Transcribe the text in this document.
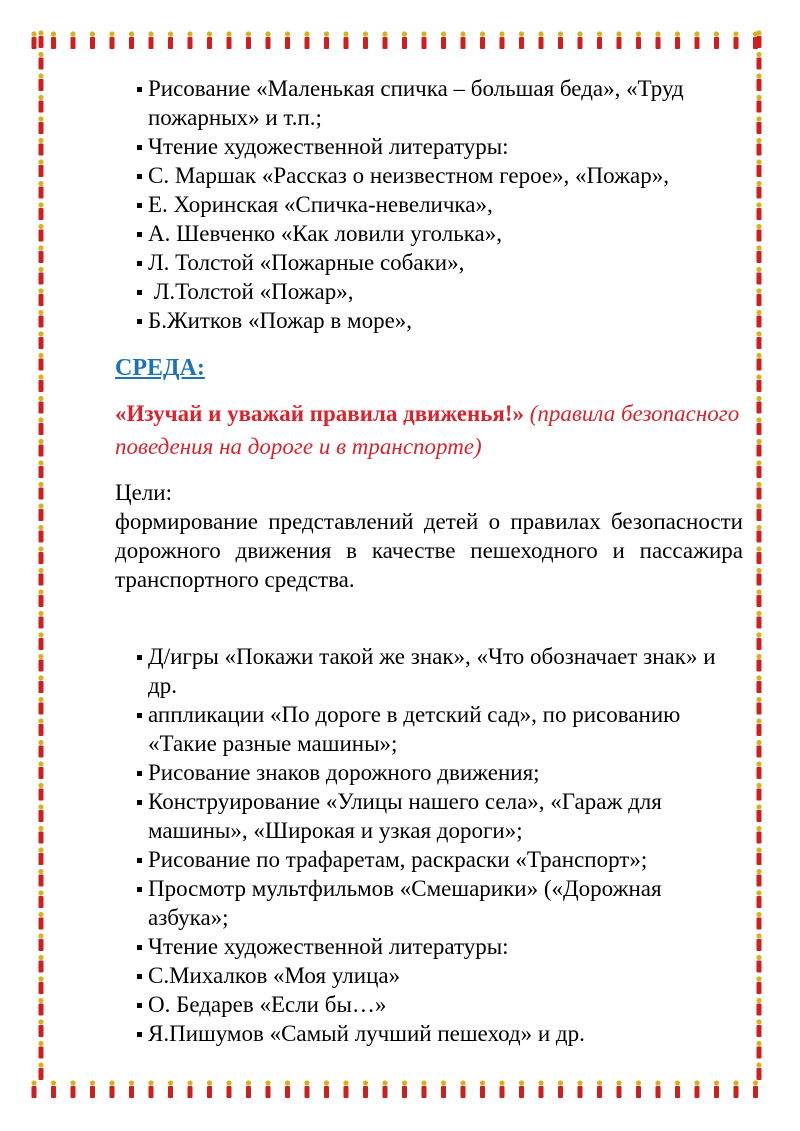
Рисование «Маленькая спичка – большая беда», «Труд пожарных» и т.п.;
Чтение художественной литературы:
С. Маршак «Рассказ о неизвестном герое», «Пожар»,
Е. Хоринская «Спичка-невеличка»,
А. Шевченко «Как ловили уголька»,
Л. Толстой «Пожарные собаки»,
Л.Толстой «Пожар»,
Б.Житков «Пожар в море»,

СРЕДА:

«Изучай и уважай правила движенья!» (правила безопасного поведения на дороге и в транспорте)

Цели:

формирование представлений детей о правилах безопасности дорожного движения в качестве пешеходного и пассажира транспортного средства.

Д/игры «Покажи такой же знак», «Что обозначает знак» и др.
аппликации «По дороге в детский сад», по рисованию «Такие разные машины»;
Рисование знаков дорожного движения;
Конструирование «Улицы нашего села», «Гараж для машины», «Широкая и узкая дороги»;
Рисование по трафаретам, раскраски «Транспорт»;
Просмотр мультфильмов «Смешарики» («Дорожная азбука»;
Чтение художественной литературы:
С.Михалков «Моя улица»
О. Бедарев «Если бы…»
Я.Пишумов «Самый лучший пешеход» и др.
